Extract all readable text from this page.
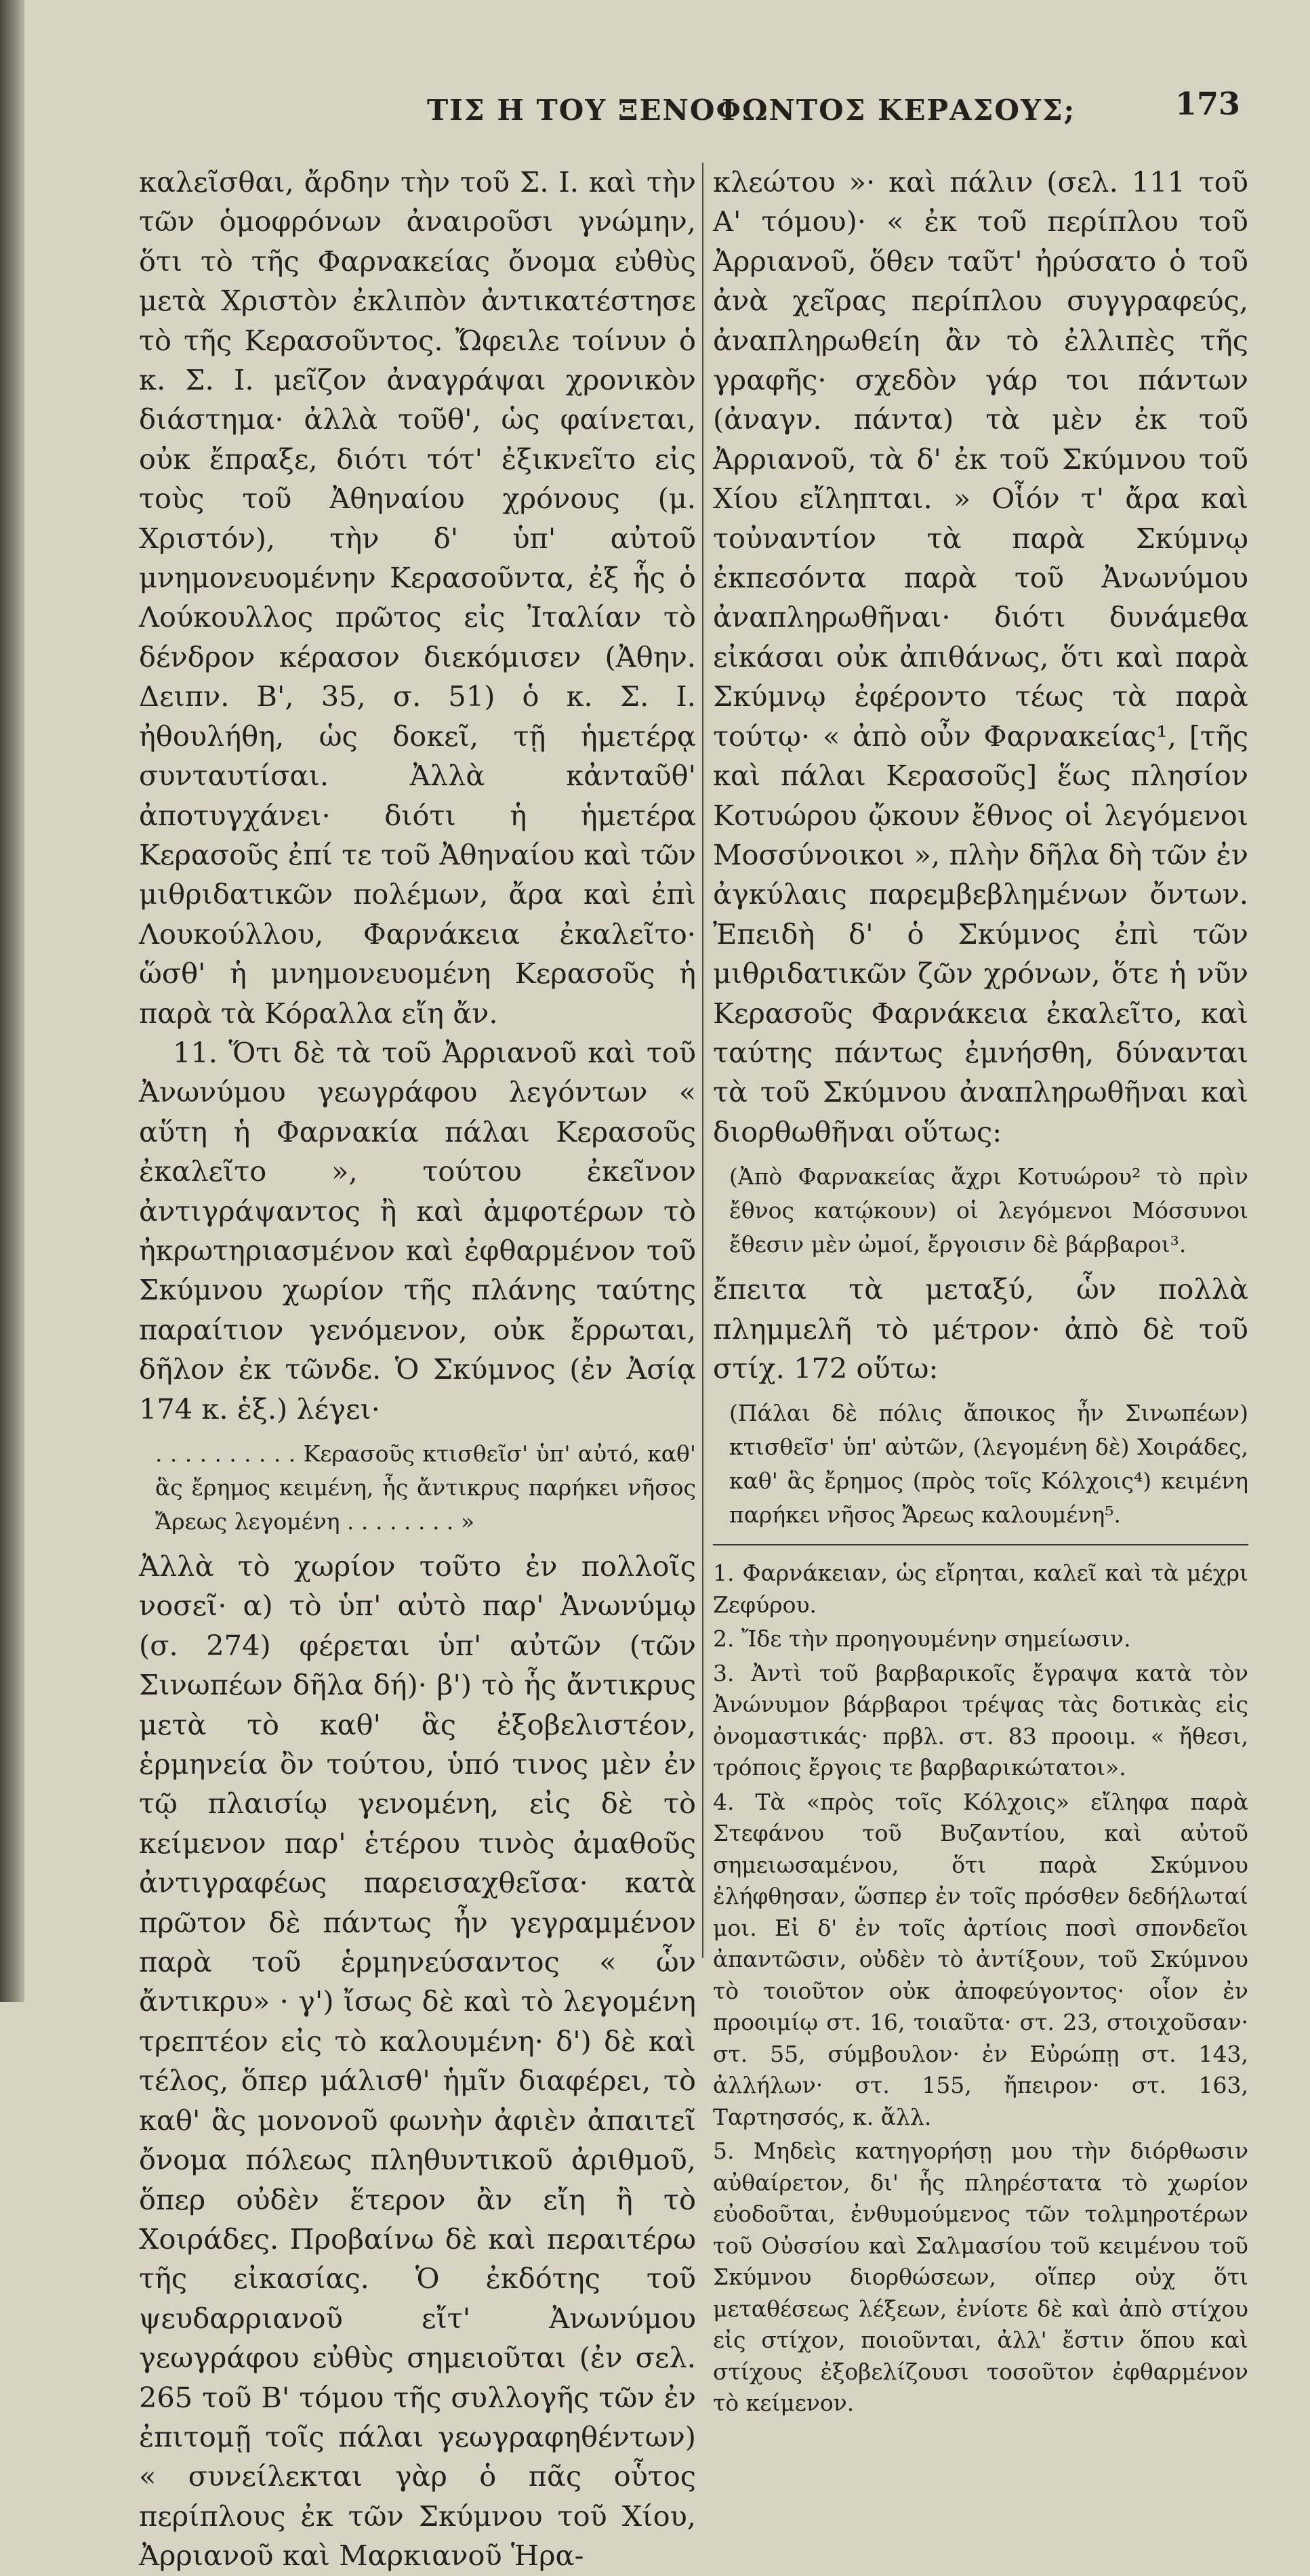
ΤΙΣ Η ΤΟΥ ΞΕΝΟΦΩΝΤΟΣ ΚΕΡΑΣΟΥΣ;	173

καλεῖσθαι, ἄρδην τὴν τοῦ Σ. Ι. καὶ τὴν τῶν ὁμοφρόνων ἀναιροῦσι γνώμην, ὅτι τὸ τῆς Φαρνακείας ὄνομα εὐθὺς μετὰ Χριστὸν ἐκλιπὸν ἀντικατέστησε τὸ τῆς Κερασοῦντος. Ὤφειλε τοίνυν ὁ κ. Σ. Ι. μεῖζον ἀναγράψαι χρονικὸν διάστημα· ἀλλὰ τοῦθ', ὡς φαίνεται, οὐκ ἔπραξε, διότι τότ' ἐξικνεῖτο εἰς τοὺς τοῦ Ἀθηναίου χρόνους (μ. Χριστόν), τὴν δ' ὑπ' αὐτοῦ μνημονευομένην Κερασοῦντα, ἐξ ἧς ὁ Λούκουλλος πρῶτος εἰς Ἰταλίαν τὸ δένδρον κέρασον διεκόμισεν (Ἀθην. Δειπν. Β', 35, σ. 51) ὁ κ. Σ. Ι. ἠθουλήθη, ὡς δοκεῖ, τῇ ἡμετέρᾳ συνταυτίσαι. Ἀλλὰ κἀνταῦθ' ἀποτυγχάνει· διότι ἡ ἡμετέρα Κερασοῦς ἐπί τε τοῦ Ἀθηναίου καὶ τῶν μιθριδατικῶν πολέμων, ἄρα καὶ ἐπὶ Λουκούλλου, Φαρνάκεια ἐκαλεῖτο· ὥσθ' ἡ μνημονευομένη Κερασοῦς ἡ παρὰ τὰ Κόραλλα εἴη ἄν.

11. Ὅτι δὲ τὰ τοῦ Ἀρριανοῦ καὶ τοῦ Ἀνωνύμου γεωγράφου λεγόντων « αὕτη ἡ Φαρνακία πάλαι Κερασοῦς ἐκαλεῖτο », τούτου ἐκεῖνον ἀντιγράψαντος ἢ καὶ ἀμφοτέρων τὸ ἠκρωτηριασμένον καὶ ἐφθαρμένον τοῦ Σκύμνου χωρίον τῆς πλάνης ταύτης παραίτιον γενόμενον, οὐκ ἔρρωται, δῆλον ἐκ τῶνδε. Ὁ Σκύμνος (ἐν Ἀσίᾳ 174 κ. ἑξ.) λέγει·

. . . . . . . . . . Κερασοῦς κτισθεῖσ' ὑπ' αὐτό, καθ' ἃς ἔρημος κειμένη, ἧς ἄντικρυς παρήκει νῆσος Ἄρεως λεγομένη . . . . . . . . »

Ἀλλὰ τὸ χωρίον τοῦτο ἐν πολλοῖς νοσεῖ· α) τὸ ὑπ' αὐτὸ παρ' Ἀνωνύμῳ (σ. 274) φέρεται ὑπ' αὐτῶν (τῶν Σινωπέων δῆλα δή)· β') τὸ ἧς ἄντικρυς μετὰ τὸ καθ' ἃς ἐξοβελιστέον, ἑρμηνεία ὂν τούτου, ὑπό τινος μὲν ἐν τῷ πλαισίῳ γενομένη, εἰς δὲ τὸ κείμενον παρ' ἑτέρου τινὸς ἀμαθοῦς ἀντιγραφέως παρεισαχθεῖσα· κατὰ πρῶτον δὲ πάντως ἦν γεγραμμένον παρὰ τοῦ ἑρμηνεύσαντος « ὧν ἄντικρυ» · γ') ἴσως δὲ καὶ τὸ λεγομένη τρεπτέον εἰς τὸ καλουμένη· δ') δὲ καὶ τέλος, ὅπερ μάλισθ' ἡμῖν διαφέρει, τὸ καθ' ἃς μονονοῦ φωνὴν ἀφιὲν ἀπαιτεῖ ὄνομα πόλεως πληθυντικοῦ ἀριθμοῦ, ὅπερ οὐδὲν ἕτερον ἂν εἴη ἢ τὸ Χοιράδες. Προβαίνω δὲ καὶ περαιτέρω τῆς εἰκασίας. Ὁ ἐκδότης τοῦ ψευδαρριανοῦ εἴτ' Ἀνωνύμου γεωγράφου εὐθὺς σημειοῦται (ἐν σελ. 265 τοῦ Β' τόμου τῆς συλλογῆς τῶν ἐν ἐπιτομῇ τοῖς πάλαι γεωγραφηθέντων) « συνείλεκται γὰρ ὁ πᾶς οὗτος περίπλους ἐκ τῶν Σκύμνου τοῦ Χίου, Ἀρριανοῦ καὶ Μαρκιανοῦ Ἡρα-

κλεώτου »· καὶ πάλιν (σελ. 111 τοῦ Α' τόμου)· « ἐκ τοῦ περίπλου τοῦ Ἀρριανοῦ, ὅθεν ταῦτ' ἠρύσατο ὁ τοῦ ἀνὰ χεῖρας περίπλου συγγραφεύς, ἀναπληρωθείη ἂν τὸ ἐλλιπὲς τῆς γραφῆς· σχεδὸν γάρ τοι πάντων (ἀναγν. πάντα) τὰ μὲν ἐκ τοῦ Ἀρριανοῦ, τὰ δ' ἐκ τοῦ Σκύμνου τοῦ Χίου εἴληπται. » Οἷόν τ' ἄρα καὶ τοὐναντίον τὰ παρὰ Σκύμνῳ ἐκπεσόντα παρὰ τοῦ Ἀνωνύμου ἀναπληρωθῆναι· διότι δυνάμεθα εἰκάσαι οὐκ ἀπιθάνως, ὅτι καὶ παρὰ Σκύμνῳ ἐφέροντο τέως τὰ παρὰ τούτῳ· « ἀπὸ οὖν Φαρνακείας¹, [τῆς καὶ πάλαι Κερασοῦς] ἕως πλησίον Κοτυώρου ᾤκουν ἔθνος οἱ λεγόμενοι Μοσσύνοικοι », πλὴν δῆλα δὴ τῶν ἐν ἀγκύλαις παρεμβεβλημένων ὄντων. Ἐπειδὴ δ' ὁ Σκύμνος ἐπὶ τῶν μιθριδατικῶν ζῶν χρόνων, ὅτε ἡ νῦν Κερασοῦς Φαρνάκεια ἐκαλεῖτο, καὶ ταύτης πάντως ἐμνήσθη, δύνανται τὰ τοῦ Σκύμνου ἀναπληρωθῆναι καὶ διορθωθῆναι οὕτως:

(Ἀπὸ Φαρνακείας ἄχρι Κοτυώρου² τὸ πρὶν ἔθνος κατῴκουν) οἱ λεγόμενοι Μόσσυνοι ἔθεσιν μὲν ὠμοί, ἔργοισιν δὲ βάρβαροι³.

ἔπειτα τὰ μεταξύ, ὧν πολλὰ πλημμελῆ τὸ μέτρον· ἀπὸ δὲ τοῦ στίχ. 172 οὕτω:

(Πάλαι δὲ πόλις ἄποικος ἦν Σινωπέων) κτισθεῖσ' ὑπ' αὐτῶν, (λεγομένη δὲ) Χοιράδες, καθ' ἃς ἔρημος (πρὸς τοῖς Κόλχοις⁴) κειμένη παρήκει νῆσος Ἄρεως καλουμένη⁵.

1. Φαρνάκειαν, ὡς εἴρηται, καλεῖ καὶ τὰ μέχρι Ζεφύρου.

2. Ἴδε τὴν προηγουμένην σημείωσιν.

3. Ἀντὶ τοῦ βαρβαρικοῖς ἔγραψα κατὰ τὸν Ἀνώνυμον βάρβαροι τρέψας τὰς δοτικὰς εἰς ὀνομαστικάς· πρβλ. στ. 83 προοιμ. « ἤθεσι, τρόποις ἔργοις τε βαρβαρικώτατοι».

4. Τὰ «πρὸς τοῖς Κόλχοις» εἴληφα παρὰ Στεφάνου τοῦ Βυζαντίου, καὶ αὐτοῦ σημειωσαμένου, ὅτι παρὰ Σκύμνου ἐλήφθησαν, ὥσπερ ἐν τοῖς πρόσθεν δεδήλωταί μοι. Εἰ δ' ἐν τοῖς ἀρτίοις ποσὶ σπονδεῖοι ἀπαντῶσιν, οὐδὲν τὸ ἀντίξουν, τοῦ Σκύμνου τὸ τοιοῦτον οὐκ ἀποφεύγοντος· οἷον ἐν προοιμίῳ στ. 16, τοιαῦτα· στ. 23, στοιχοῦσαν· στ. 55, σύμβουλον· ἐν Εὐρώπῃ στ. 143, ἀλλήλων· στ. 155, ἤπειρον· στ. 163, Ταρτησσός, κ. ἄλλ.

5. Μηδεὶς κατηγορήσῃ μου τὴν διόρθωσιν αὐθαίρετον, δι' ἧς πληρέστατα τὸ χωρίον εὐοδοῦται, ἐνθυμούμενος τῶν τολμηροτέρων τοῦ Οὐσσίου καὶ Σαλμασίου τοῦ κειμένου τοῦ Σκύμνου διορθώσεων, οἵπερ οὐχ ὅτι μεταθέσεως λέξεων, ἐνίοτε δὲ καὶ ἀπὸ στίχου εἰς στίχον, ποιοῦνται, ἀλλ' ἔστιν ὅπου καὶ στίχους ἐξοβελίζουσι τοσοῦτον ἐφθαρμένον τὸ κείμενον.
